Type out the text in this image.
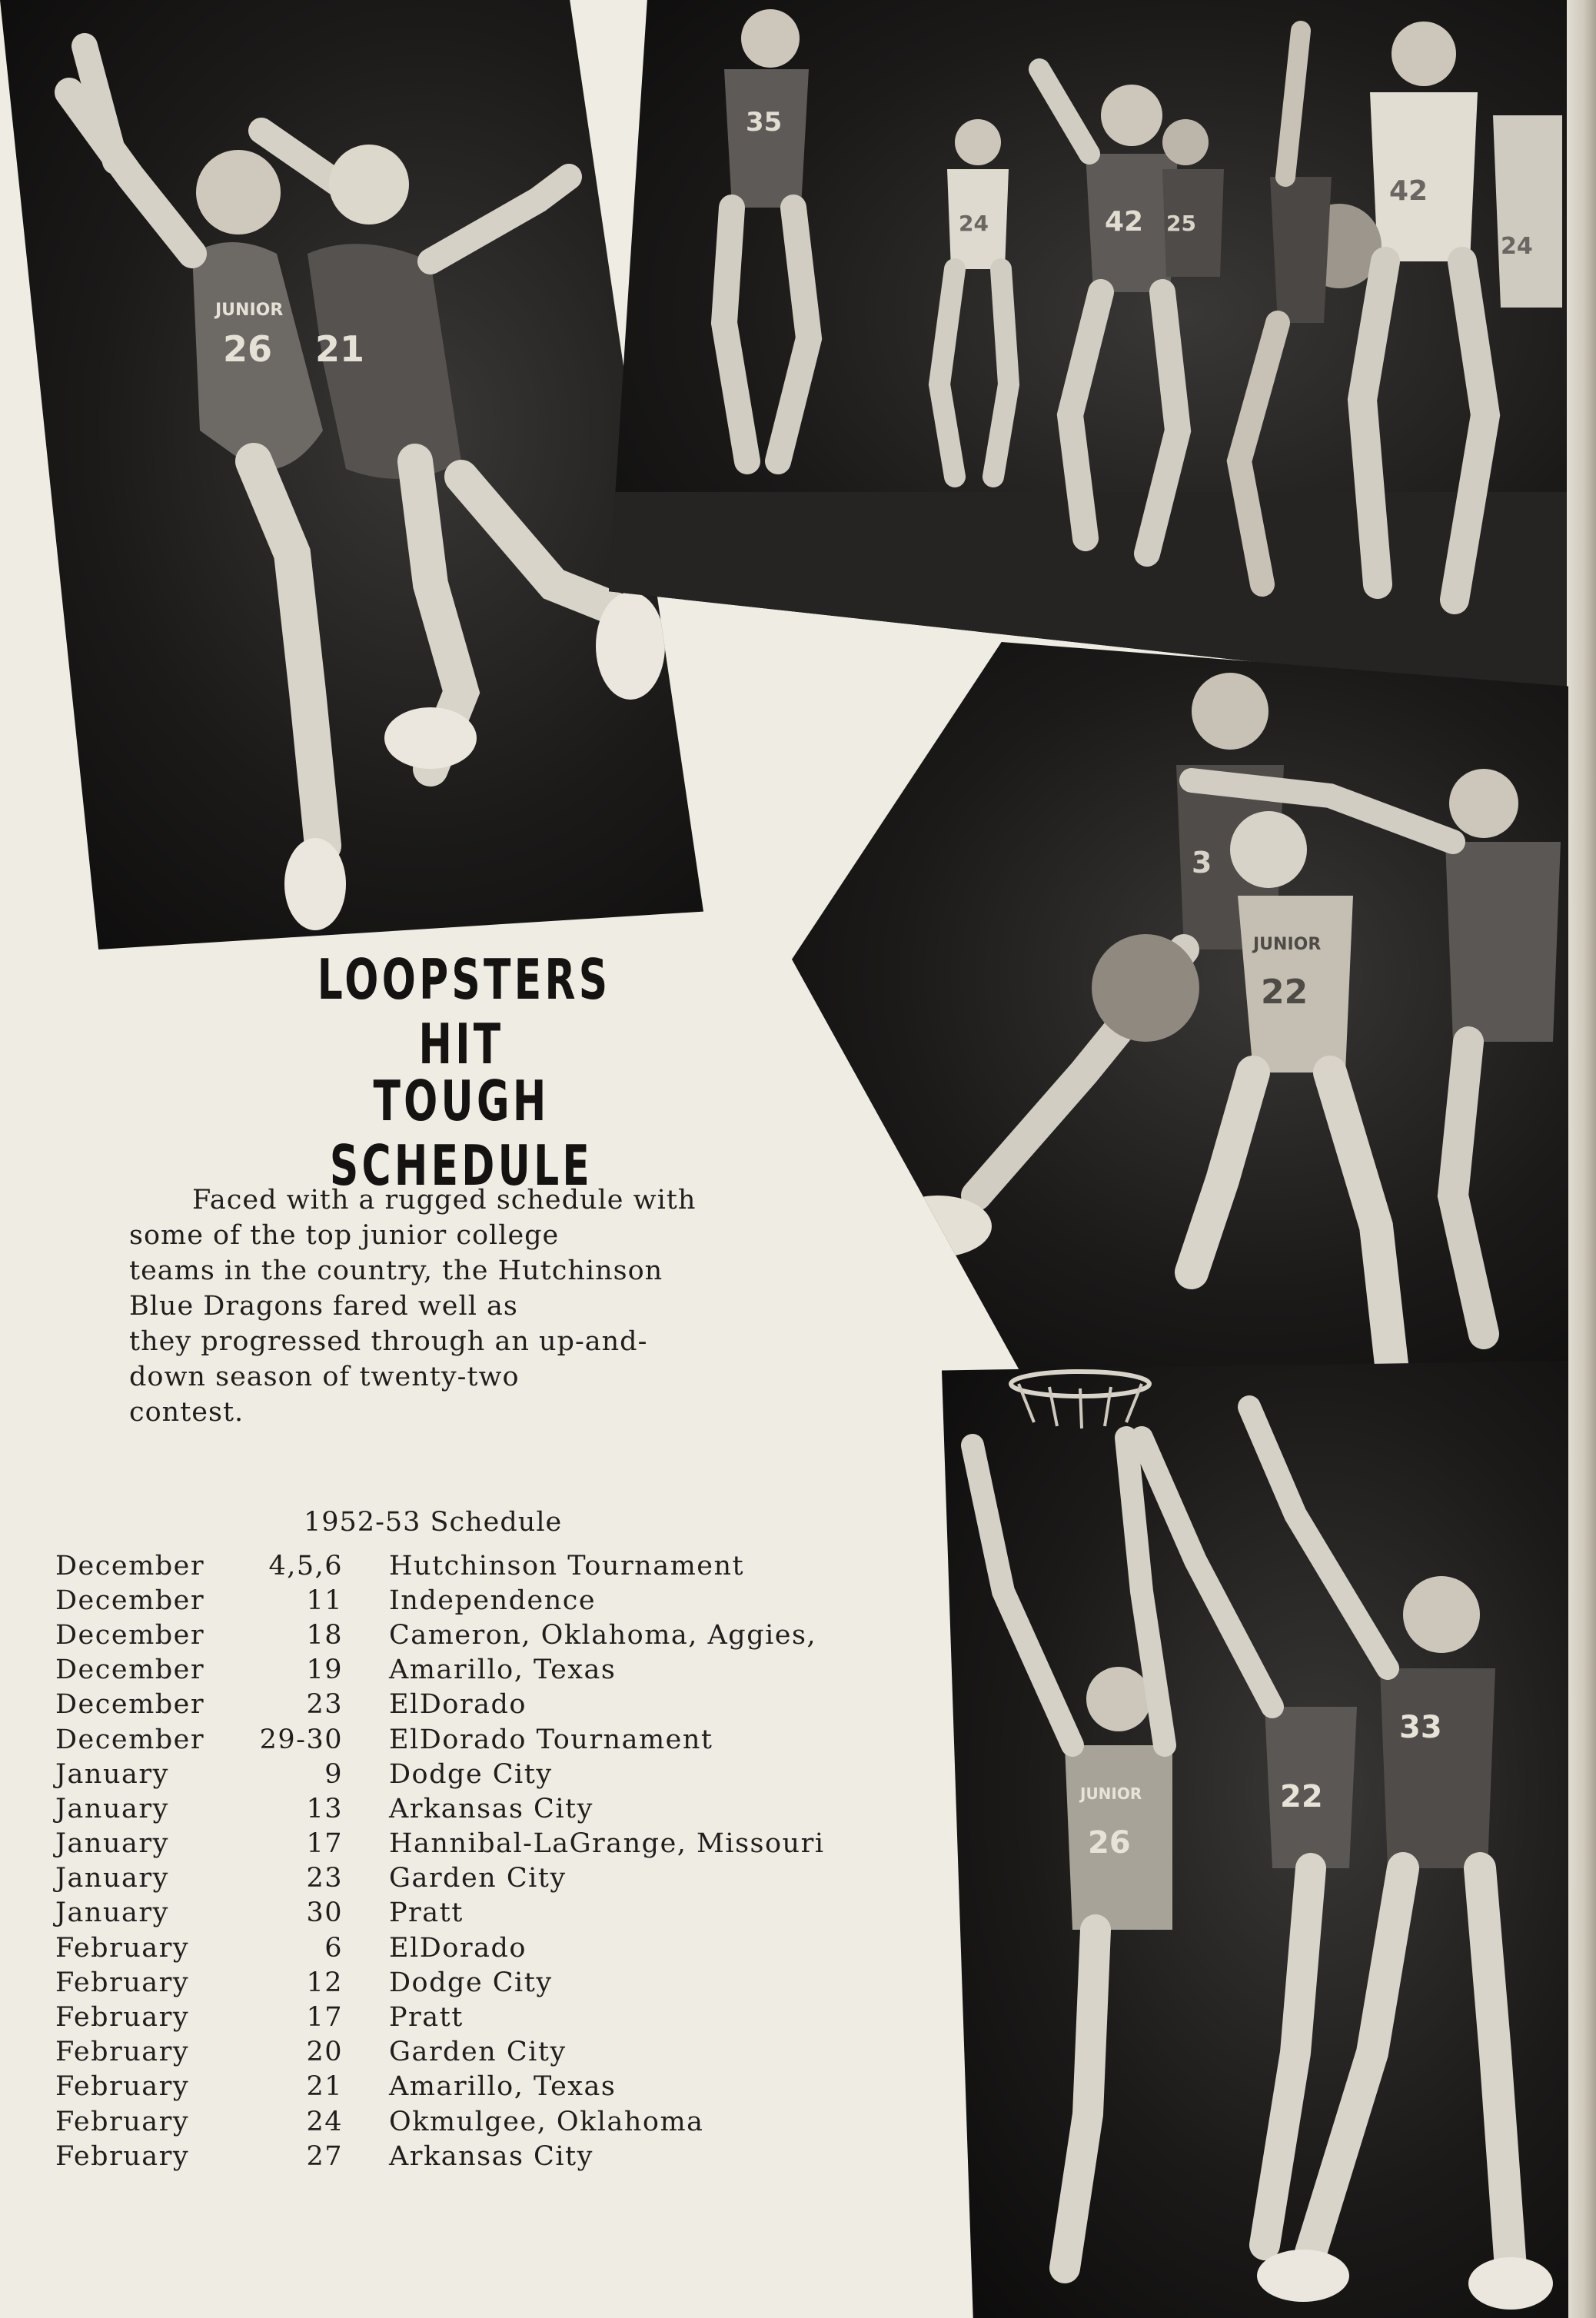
26 21
JUNIOR
35
24	42 25
42
24
3
22
JUNIOR
26
JUNIOR	22
33
LOOPSTERS HIT
TOUGH SCHEDULE
Faced with a rugged schedule with
some of the top junior college
teams in the country, the Hutchinson
Blue Dragons fared well as
they progressed through an up-and-
down season of twenty-two
contest.
1952-53 Schedule
December	4,5,6	Hutchinson Tournament
December	11	Independence
December	18	Cameron, Oklahoma, Aggies,
December	19	Amarillo, Texas
December	23	ElDorado
December	29-30	ElDorado Tournament
January	9	Dodge City
January	13	Arkansas City
January	17	Hannibal-LaGrange, Missouri
January	23	Garden City
January	30	Pratt
February	6	ElDorado
February	12	Dodge City
February	17	Pratt
February	20	Garden City
February	21	Amarillo, Texas
February	24	Okmulgee, Oklahoma
February	27	Arkansas City
